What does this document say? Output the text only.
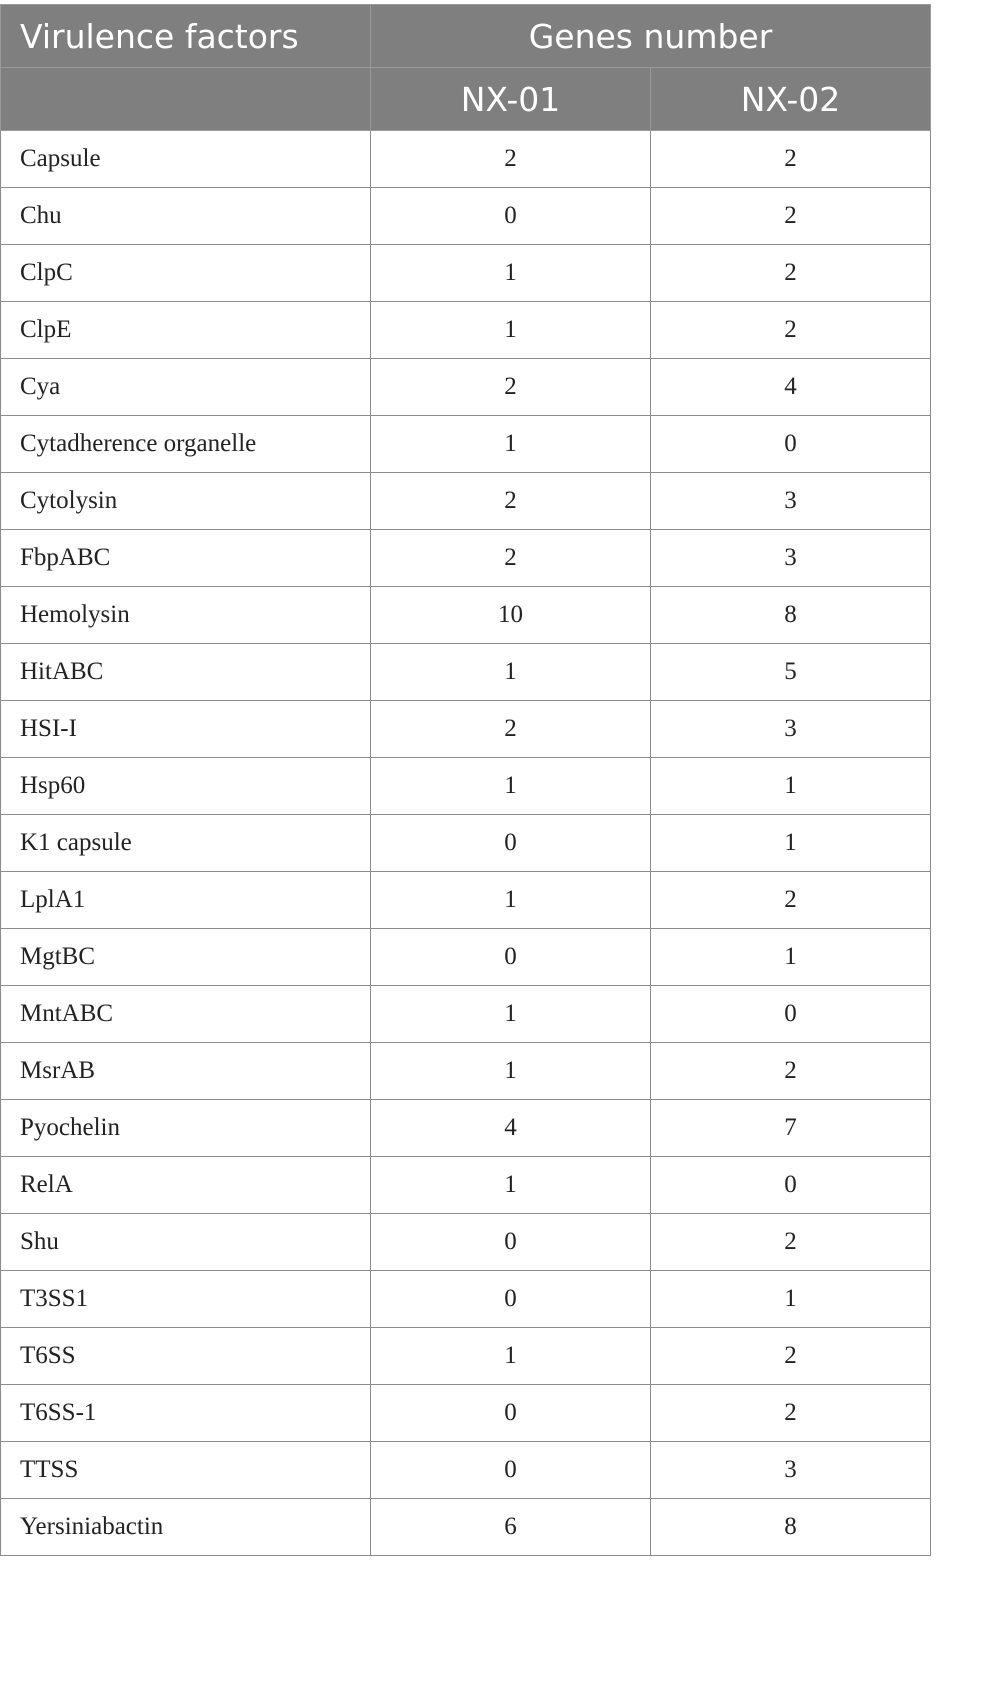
Virulence factors	Genes number	
	NX-01	NX-02
Capsule	2	2
Chu	0	2
ClpC	1	2
ClpE	1	2
Cya	2	4
Cytadherence organelle	1	0
Cytolysin	2	3
FbpABC	2	3
Hemolysin	10	8
HitABC	1	5
HSI-I	2	3
Hsp60	1	1
K1 capsule	0	1
LplA1	1	2
MgtBC	0	1
MntABC	1	0
MsrAB	1	2
Pyochelin	4	7
RelA	1	0
Shu	0	2
T3SS1	0	1
T6SS	1	2
T6SS-1	0	2
TTSS	0	3
Yersiniabactin	6	8
